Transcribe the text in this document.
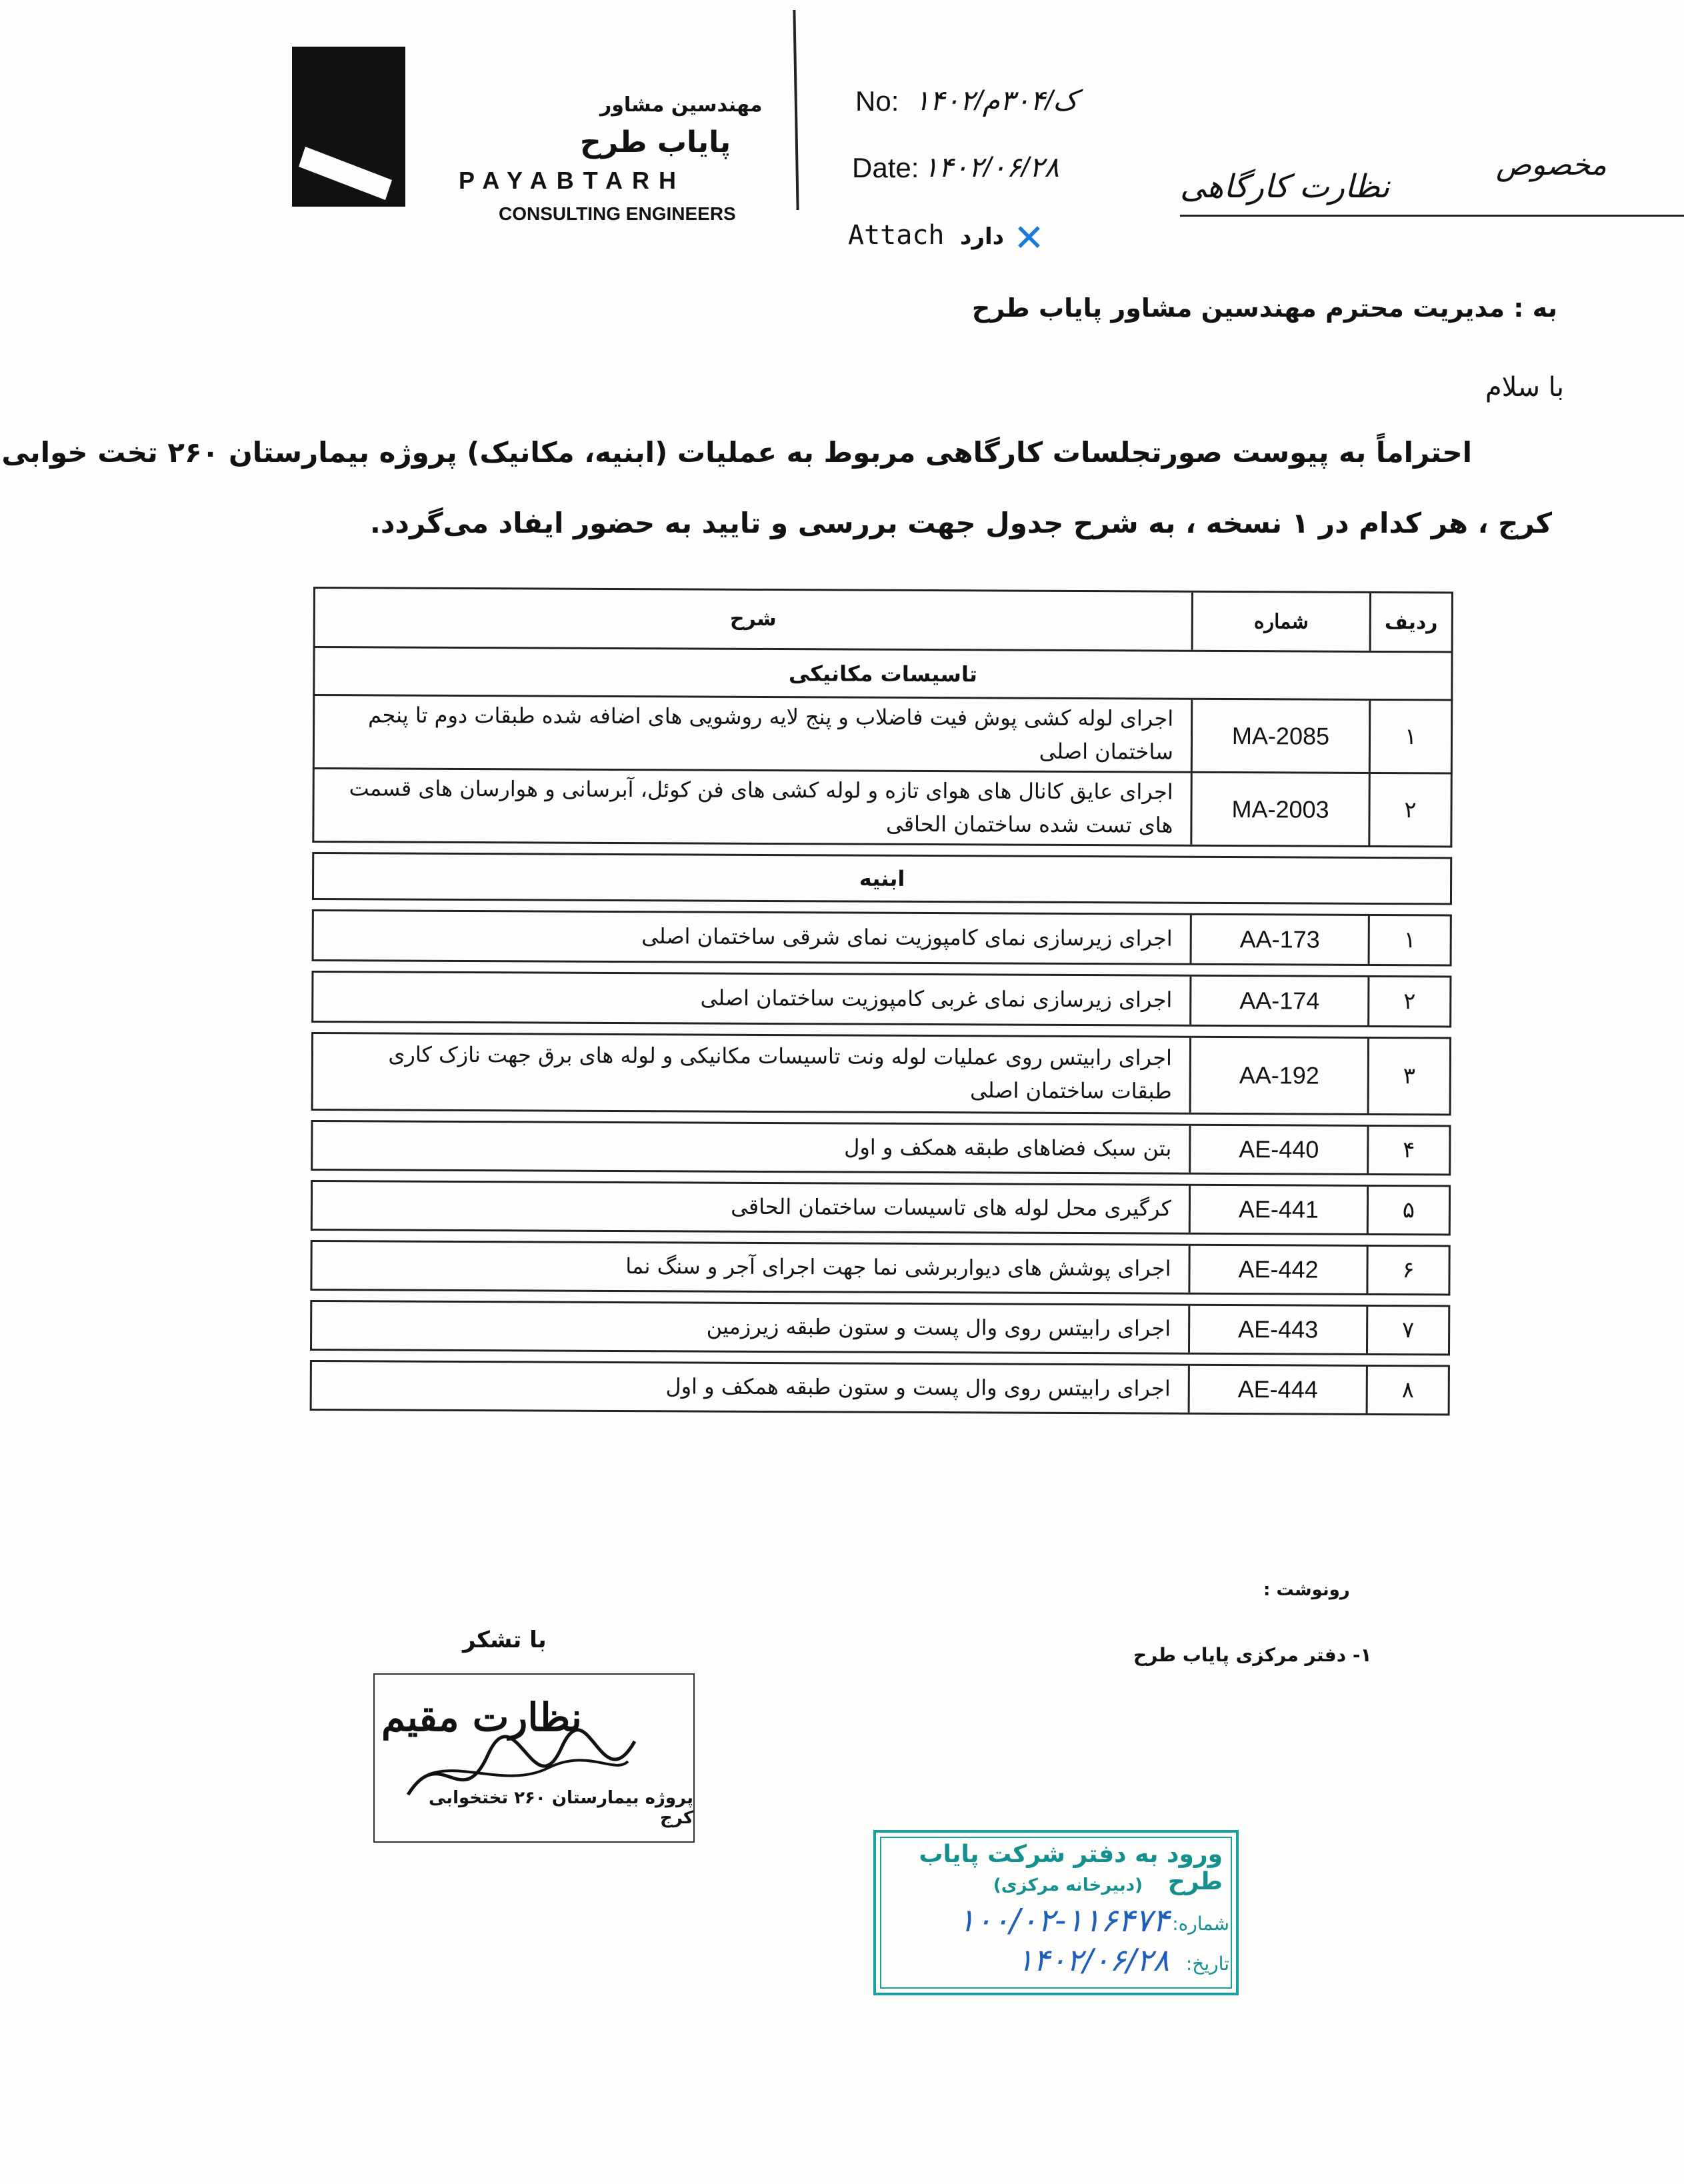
مهندسین مشاور
پایاب طرح
PAYABTARH
CONSULTING ENGINEERS
No: ۱۴۰۲/ک/۳۰۴م
Date: ۱۴۰۲/۰۶/۲۸
Attach دارد ✕
مخصوص
نظارت کارگاهی
به : مدیریت محترم مهندسین مشاور پایاب طرح
با سلام
احتراماً به پیوست صورتجلسات کارگاهی مربوط به عملیات (ابنیه، مکانیک) پروژه بیمارستان ۲۶۰ تخت خوابی
کرج ، هر کدام در ۱ نسخه ، به شرح جدول جهت بررسی و تایید به حضور ایفاد می‌گردد.
ردیف
شماره
شرح
تاسیسات مکانیکی
۱
MA-2085
اجرای لوله کشی پوش فیت فاضلاب و پنج لایه روشویی های اضافه شده طبقات دوم تا پنجم ساختمان اصلی
۲
MA-2003
اجرای عایق کانال های هوای تازه و لوله کشی های فن کوئل، آبرسانی و هوارسان های قسمت های تست شده ساختمان الحاقی
ابنیه
۱
AA-173
اجرای زیرسازی نمای کامپوزیت نمای شرقی ساختمان اصلی
۲
AA-174
اجرای زیرسازی نمای غربی کامپوزیت ساختمان اصلی
۳
AA-192
اجرای رابیتس روی عملیات لوله ونت تاسیسات مکانیکی و لوله های برق جهت نازک کاری طبقات ساختمان اصلی
۴
AE-440
بتن سبک فضاهای طبقه همکف و اول
۵
AE-441
کرگیری محل لوله های تاسیسات ساختمان الحاقی
۶
AE-442
اجرای پوشش های دیواربرشی نما جهت اجرای آجر و سنگ نما
۷
AE-443
اجرای رابیتس روی وال پست و ستون طبقه زیرزمین
۸
AE-444
اجرای رابیتس روی وال پست و ستون طبقه همکف و اول
رونوشت :
۱- دفتر مرکزی پایاب طرح
با تشکر
نظارت مقیم
پروژه بیمارستان ۲۶۰ تختخوابی کرج
ورود به دفتر شرکت پایاب طرح
(دبیرخانه مرکزی)
شماره:
۱۰۰/۰۲-۱۱۶۴۷۴
تاریخ:
۱۴۰۲/۰۶/۲۸
